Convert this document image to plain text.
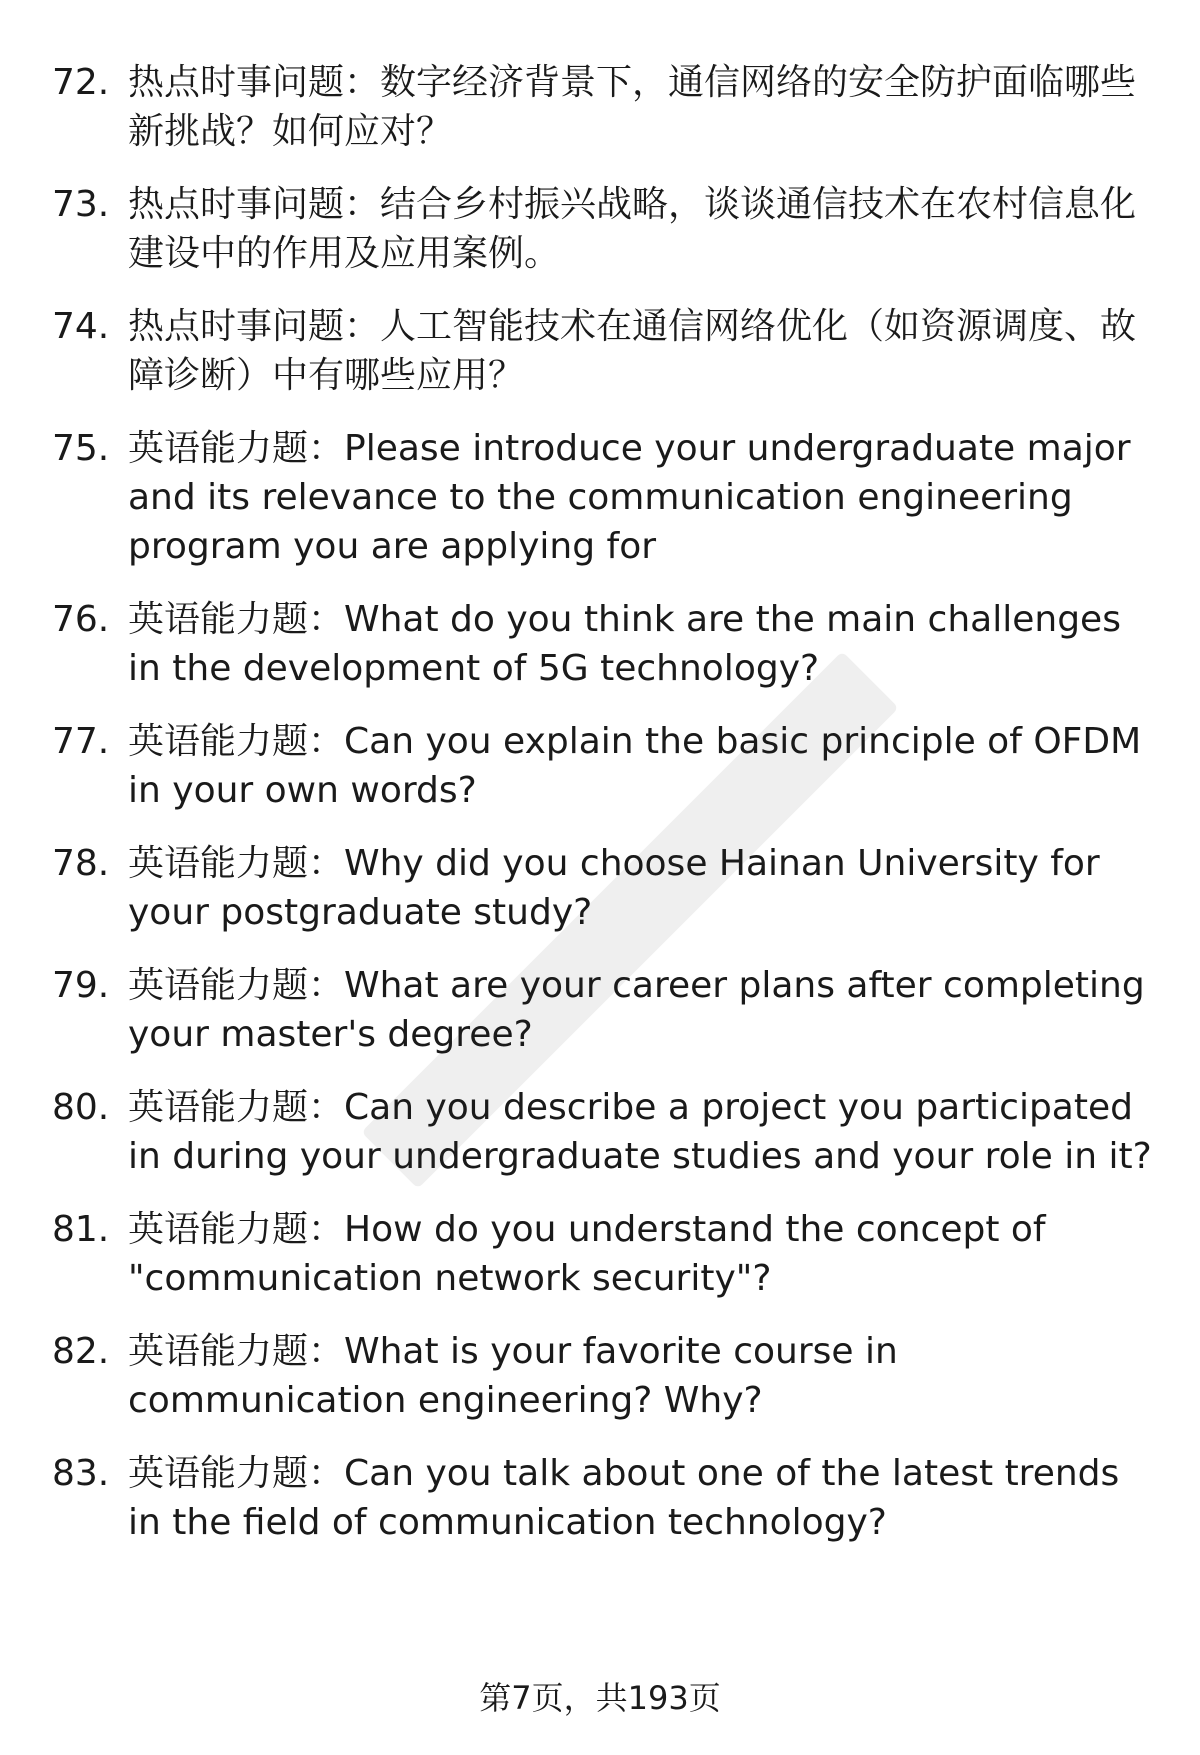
72. 热点时事问题：数字经济背景下，通信网络的安全防护面临哪些新挑战？如何应对？
73. 热点时事问题：结合乡村振兴战略，谈谈通信技术在农村信息化建设中的作用及应用案例。
74. 热点时事问题：人工智能技术在通信网络优化（如资源调度、故障诊断）中有哪些应用？
75. 英语能力题：Please introduce your undergraduate major and its relevance to the communication engineering program you are applying for
76. 英语能力题：What do you think are the main challenges in the development of 5G technology?
77. 英语能力题：Can you explain the basic principle of OFDM in your own words?
78. 英语能力题：Why did you choose Hainan University for your postgraduate study?
79. 英语能力题：What are your career plans after completing your master's degree?
80. 英语能力题：Can you describe a project you participated in during your undergraduate studies and your role in it?
81. 英语能力题：How do you understand the concept of "communication network security"?
82. 英语能力题：What is your favorite course in communication engineering? Why?
83. 英语能力题：Can you talk about one of the latest trends in the field of communication technology?
第7页，共193页
